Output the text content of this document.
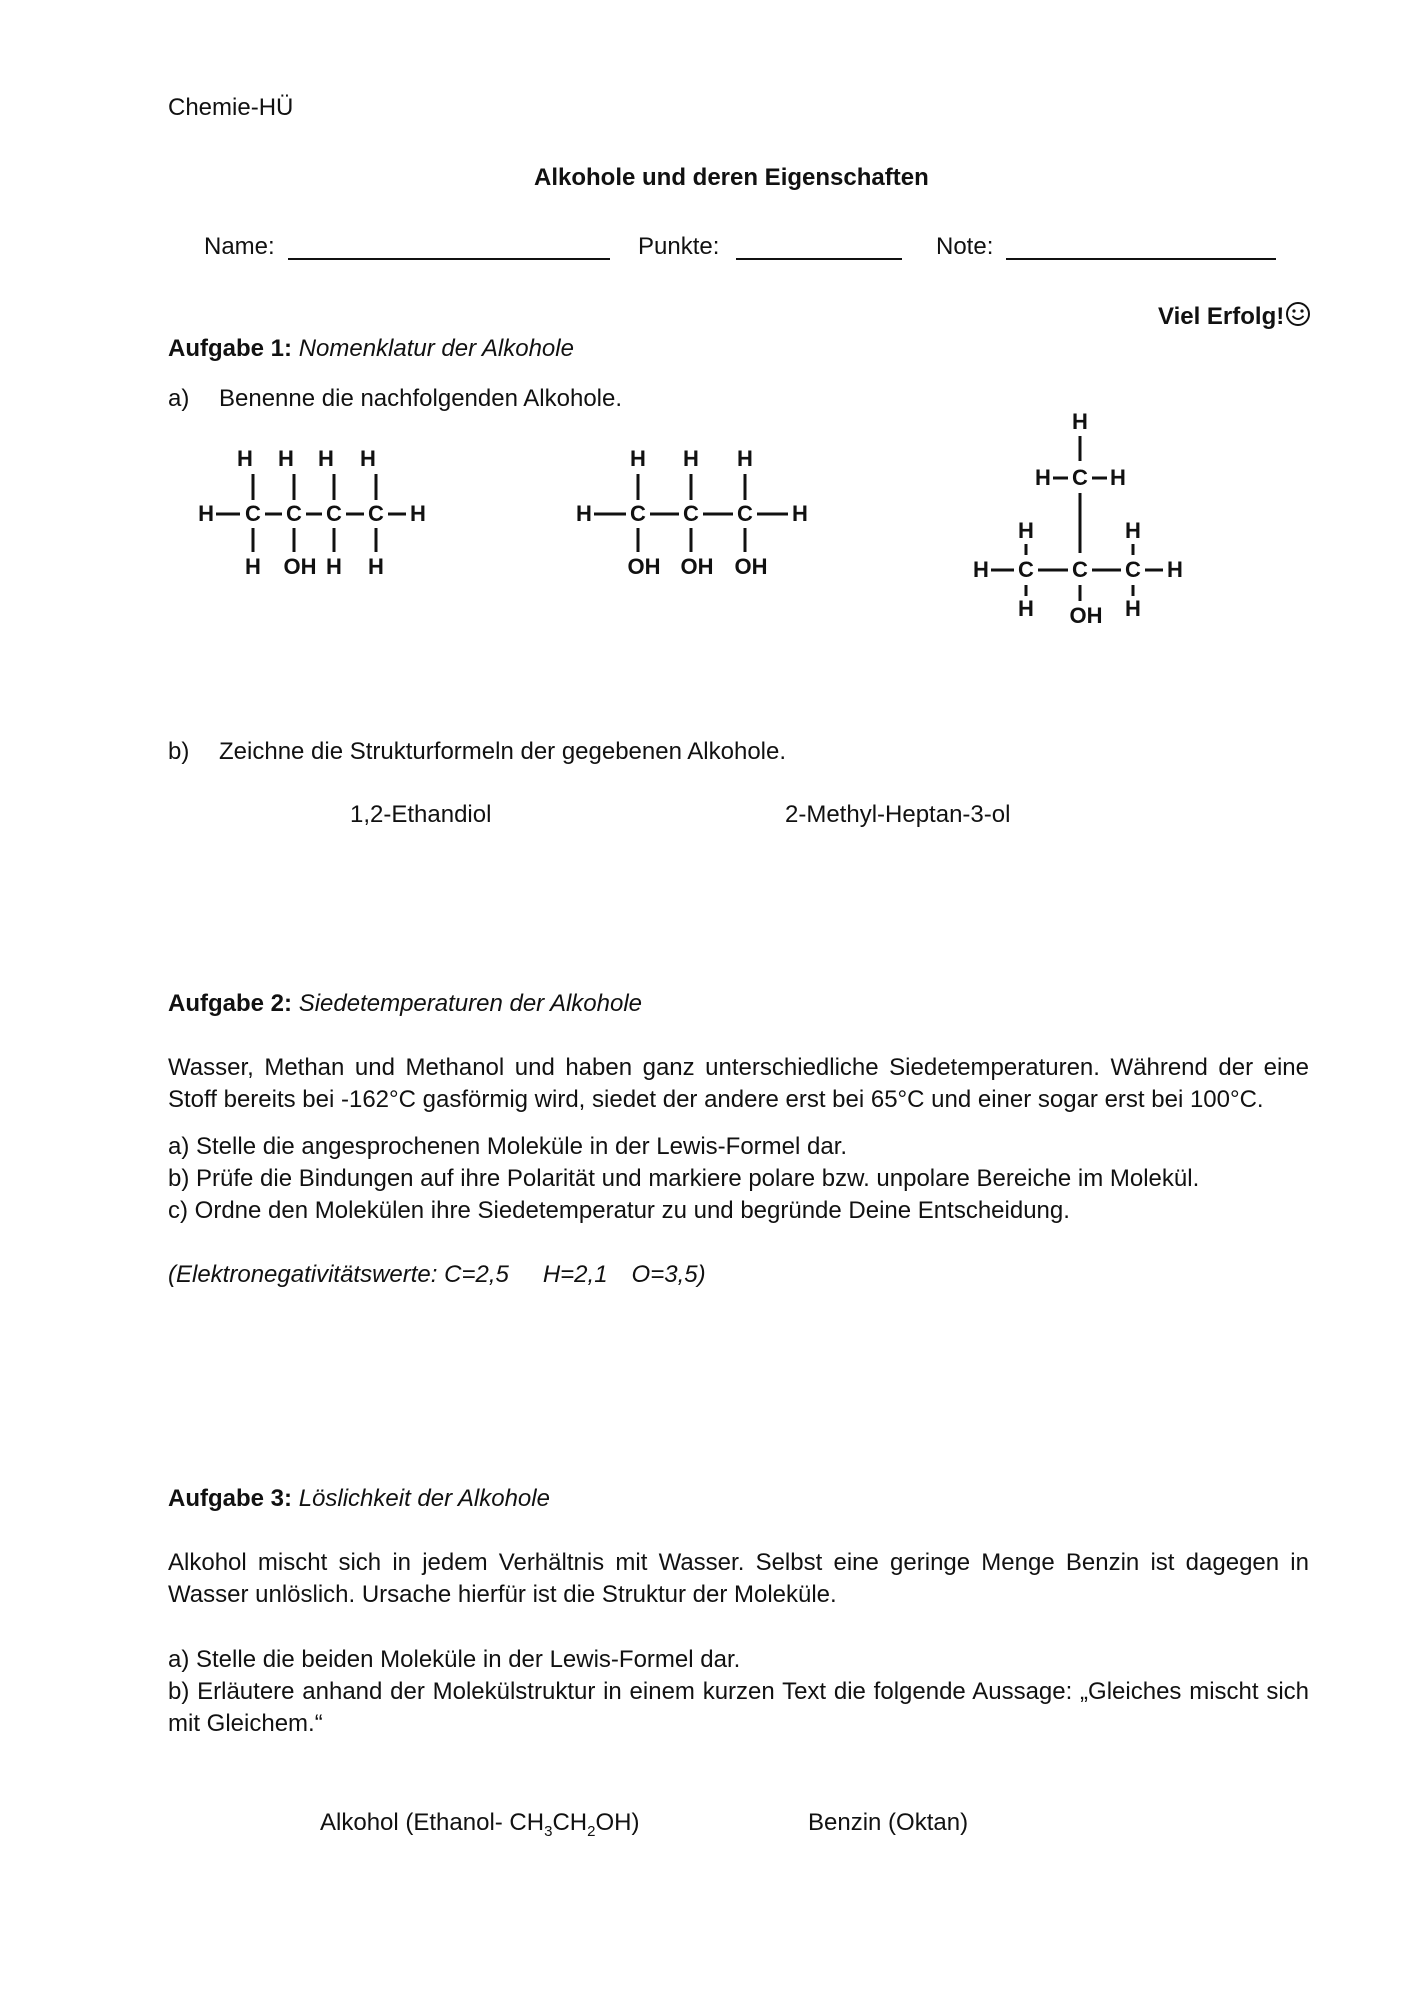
Chemie-HÜ
Alkohole und deren Eigenschaften
Name:	Punkte:	Note:
Viel Erfolg!
Aufgabe 1: Nomenklatur der Alkohole
a) Benenne die nachfolgenden Alkohole.
H H H H
H C C C C H
H OH H H
H H H
H C C C H
OH OH OH
H
H C H
H	H
H C C C H
H	H
OH
b) Zeichne die Strukturformeln der gegebenen Alkohole.
1,2-Ethandiol	2-Methyl-Heptan-3-ol
Aufgabe 2: Siedetemperaturen der Alkohole
Wasser, Methan und Methanol und haben ganz unterschiedliche Siedetemperaturen. Während der eine
Stoff bereits bei -162°C gasförmig wird, siedet der andere erst bei 65°C und einer sogar erst bei 100°C.
a) Stelle die angesprochenen Moleküle in der Lewis-Formel dar.
b) Prüfe die Bindungen auf ihre Polarität und markiere polare bzw. unpolare Bereiche im Molekül.
c) Ordne den Molekülen ihre Siedetemperatur zu und begründe Deine Entscheidung.
(Elektronegativitätswerte: C=2,5 H=2,1 O=3,5)
Aufgabe 3: Löslichkeit der Alkohole
Alkohol mischt sich in jedem Verhältnis mit Wasser. Selbst eine geringe Menge Benzin ist dagegen in
Wasser unlöslich. Ursache hierfür ist die Struktur der Moleküle.
a) Stelle die beiden Moleküle in der Lewis-Formel dar.
b) Erläutere anhand der Molekülstruktur in einem kurzen Text die folgende Aussage: „Gleiches mischt sich
mit Gleichem.“
Alkohol (Ethanol- $CH_3CH_2OH$)	Benzin (Oktan)
